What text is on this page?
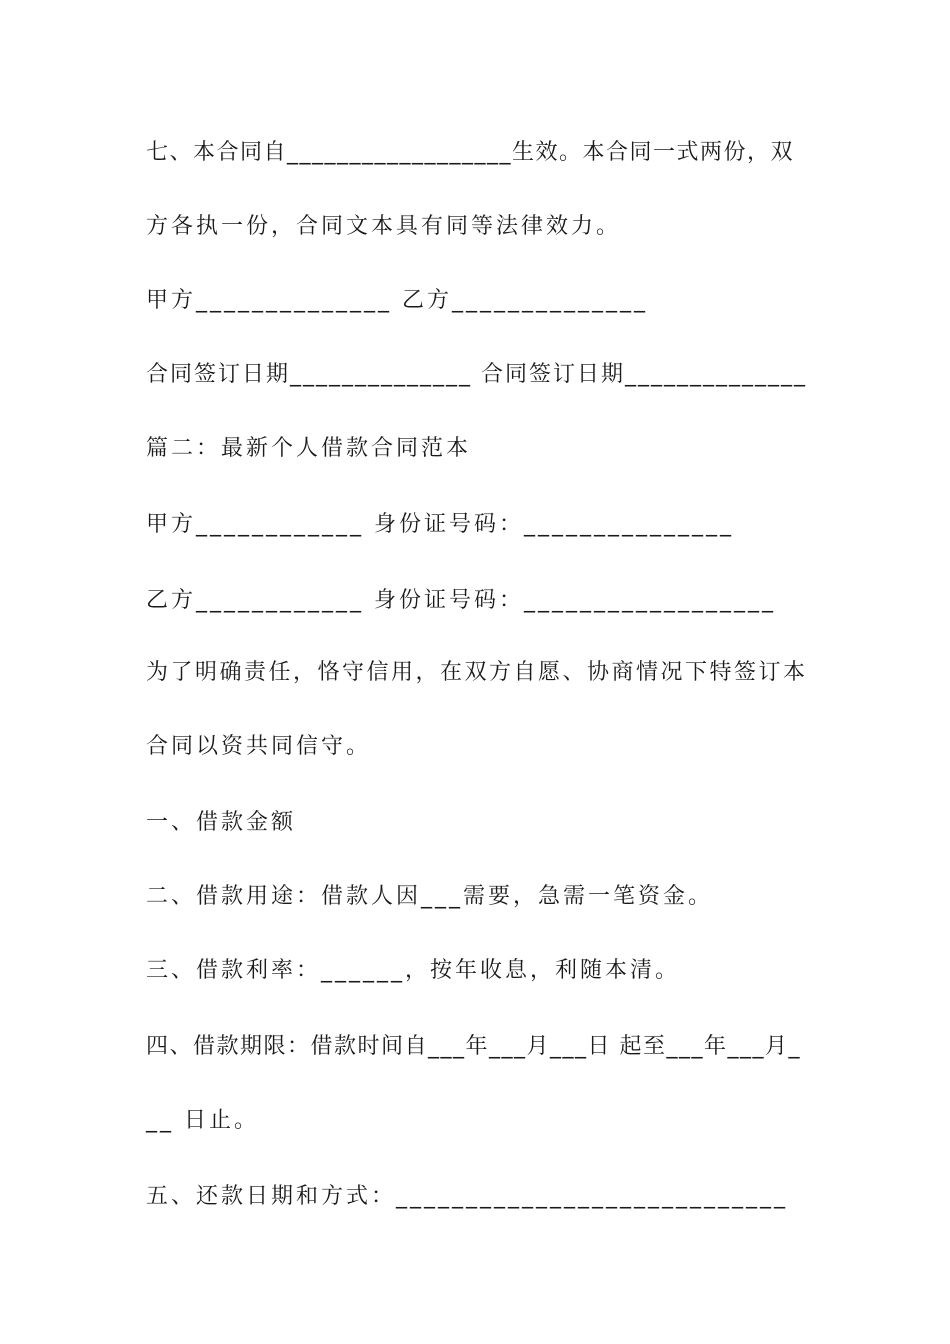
七、本合同自__________________生效。本合同一式两份，双
方各执一份，合同文本具有同等法律效力。
甲方______________ 乙方______________
合同签订日期______________ 合同签订日期______________
篇二：最新个人借款合同范本
甲方____________ 身份证号码：_______________
乙方____________ 身份证号码：__________________
为了明确责任，恪守信用，在双方自愿、协商情况下特签订本
合同以资共同信守。
一、借款金额
二、借款用途：借款人因___需要，急需一笔资金。
三、借款利率：______，按年收息，利随本清。
四、借款期限：借款时间自___年___月___日 起至___年___月_
__ 日止。
五、还款日期和方式：____________________________
